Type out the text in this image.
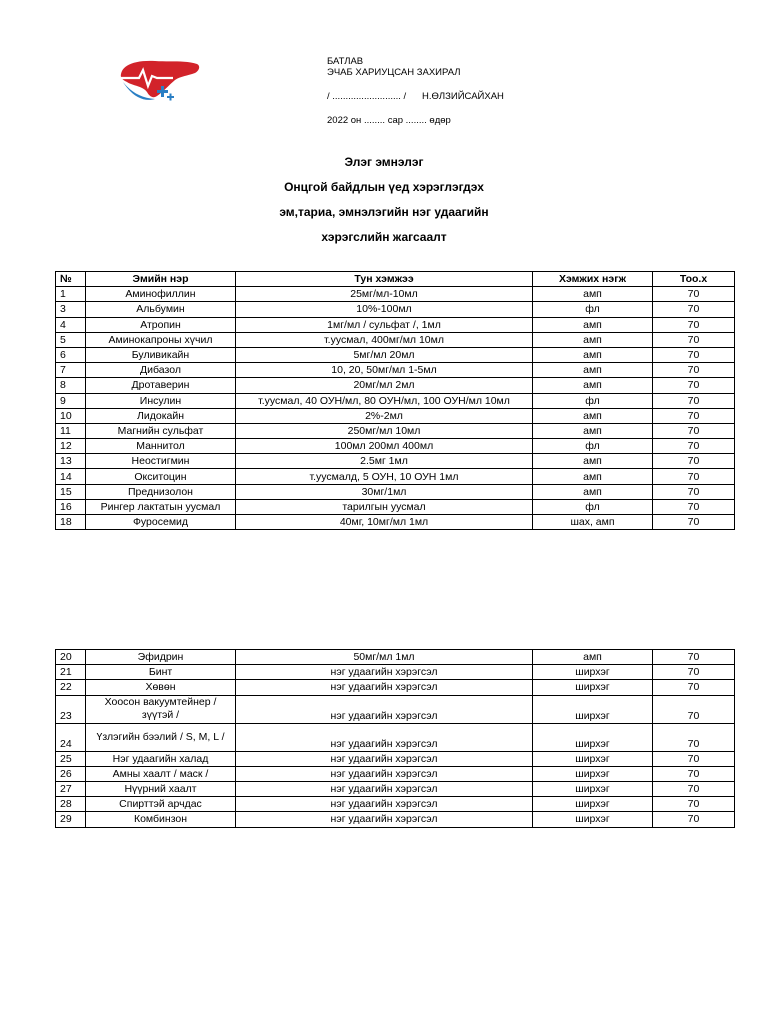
БАТЛАВ
ЭЧАБ ХАРИУЦСАН ЗАХИРАЛ
/ .......................... /      Н.ӨЛЗИЙСАЙХАН
2022 он ........ сар ........ өдөр
Элэг эмнэлэг
Онцгой байдлын үед хэрэглэгдэх
эм,тариа, эмнэлэгийн нэг удаагийн
хэрэгслийн жагсаалт
№	Эмийн нэр	Тун хэмжээ	Хэмжих нэгж	Тоо.х
1	Аминофиллин	25мг/мл-10мл	амп	70
3	Альбумин	10%-100мл	фл	70
4	Атропин	1мг/мл / сульфат /, 1мл	амп	70
5	Аминокапроны хүчил	т.уусмал, 400мг/мл 10мл	амп	70
6	Буливикайн	5мг/мл 20мл	амп	70
7	Дибазол	10, 20, 50мг/мл 1-5мл	амп	70
8	Дротаверин	20мг/мл 2мл	амп	70
9	Инсулин	т.уусмал, 40 ОУН/мл, 80 ОУН/мл, 100 ОУН/мл 10мл	фл	70
10	Лидокайн	2%-2мл	амп	70
11	Магнийн сульфат	250мг/мл 10мл	амп	70
12	Маннитол	100мл 200мл 400мл	фл	70
13	Неостигмин	2.5мг 1мл	амп	70
14	Окситоцин	т.уусмалд, 5 ОУН, 10 ОУН 1мл	амп	70
15	Преднизолон	30мг/1мл	амп	70
16	Рингер лактатын уусмал	тарилгын уусмал	фл	70
18	Фуросемид	40мг, 10мг/мл 1мл	шах, амп	70
20	Эфидрин	50мг/мл 1мл	амп	70
21	Бинт	нэг удаагийн хэрэгсэл	ширхэг	70
22	Хөвөн	нэг удаагийн хэрэгсэл	ширхэг	70
23	Хоосон вакуумтейнер / зүүтэй /	нэг удаагийн хэрэгсэл	ширхэг	70
24	Үзлэгийн бээлий / S, M, L /	нэг удаагийн хэрэгсэл	ширхэг	70
25	Нэг удаагийн халад	нэг удаагийн хэрэгсэл	ширхэг	70
26	Амны хаалт / маск /	нэг удаагийн хэрэгсэл	ширхэг	70
27	Нүүрний хаалт	нэг удаагийн хэрэгсэл	ширхэг	70
28	Спирттэй арчдас	нэг удаагийн хэрэгсэл	ширхэг	70
29	Комбинзон	нэг удаагийн хэрэгсэл	ширхэг	70
